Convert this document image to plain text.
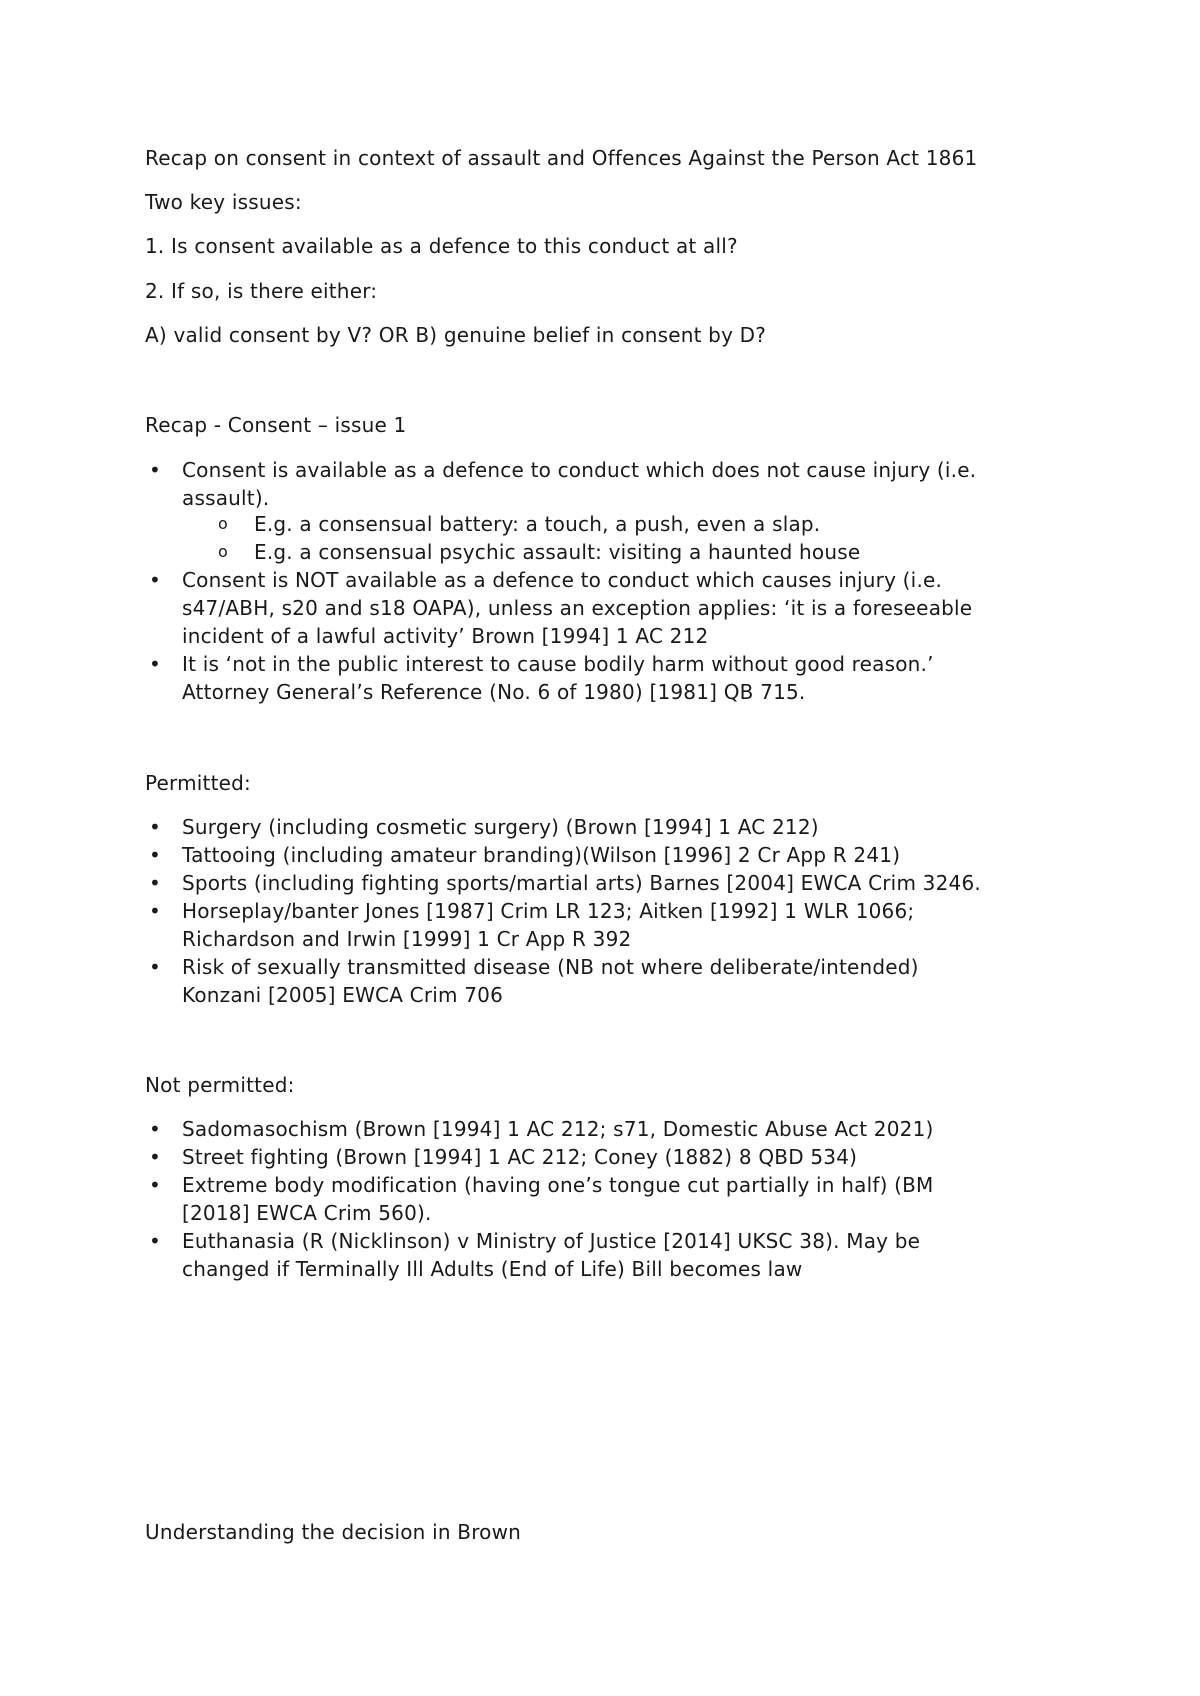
Recap on consent in context of assault and Offences Against the Person Act 1861
Two key issues:
1. Is consent available as a defence to this conduct at all?
2. If so, is there either:
A) valid consent by V? OR B) genuine belief in consent by D?
Recap - Consent – issue 1
• Consent is available as a defence to conduct which does not cause injury (i.e.
assault).
o E.g. a consensual battery: a touch, a push, even a slap.
o E.g. a consensual psychic assault: visiting a haunted house
• Consent is NOT available as a defence to conduct which causes injury (i.e.
s47/ABH, s20 and s18 OAPA), unless an exception applies: ‘it is a foreseeable
incident of a lawful activity’ Brown [1994] 1 AC 212
• It is ‘not in the public interest to cause bodily harm without good reason.’
Attorney General’s Reference (No. 6 of 1980) [1981] QB 715.
Permitted:
• Surgery (including cosmetic surgery) (Brown [1994] 1 AC 212)
• Tattooing (including amateur branding)(Wilson [1996] 2 Cr App R 241)
• Sports (including fighting sports/martial arts) Barnes [2004] EWCA Crim 3246.
• Horseplay/banter Jones [1987] Crim LR 123; Aitken [1992] 1 WLR 1066;
Richardson and Irwin [1999] 1 Cr App R 392
• Risk of sexually transmitted disease (NB not where deliberate/intended)
Konzani [2005] EWCA Crim 706
Not permitted:
• Sadomasochism (Brown [1994] 1 AC 212; s71, Domestic Abuse Act 2021)
• Street fighting (Brown [1994] 1 AC 212; Coney (1882) 8 QBD 534)
• Extreme body modification (having one’s tongue cut partially in half) (BM
[2018] EWCA Crim 560).
• Euthanasia (R (Nicklinson) v Ministry of Justice [2014] UKSC 38). May be
changed if Terminally Ill Adults (End of Life) Bill becomes law
Understanding the decision in Brown
